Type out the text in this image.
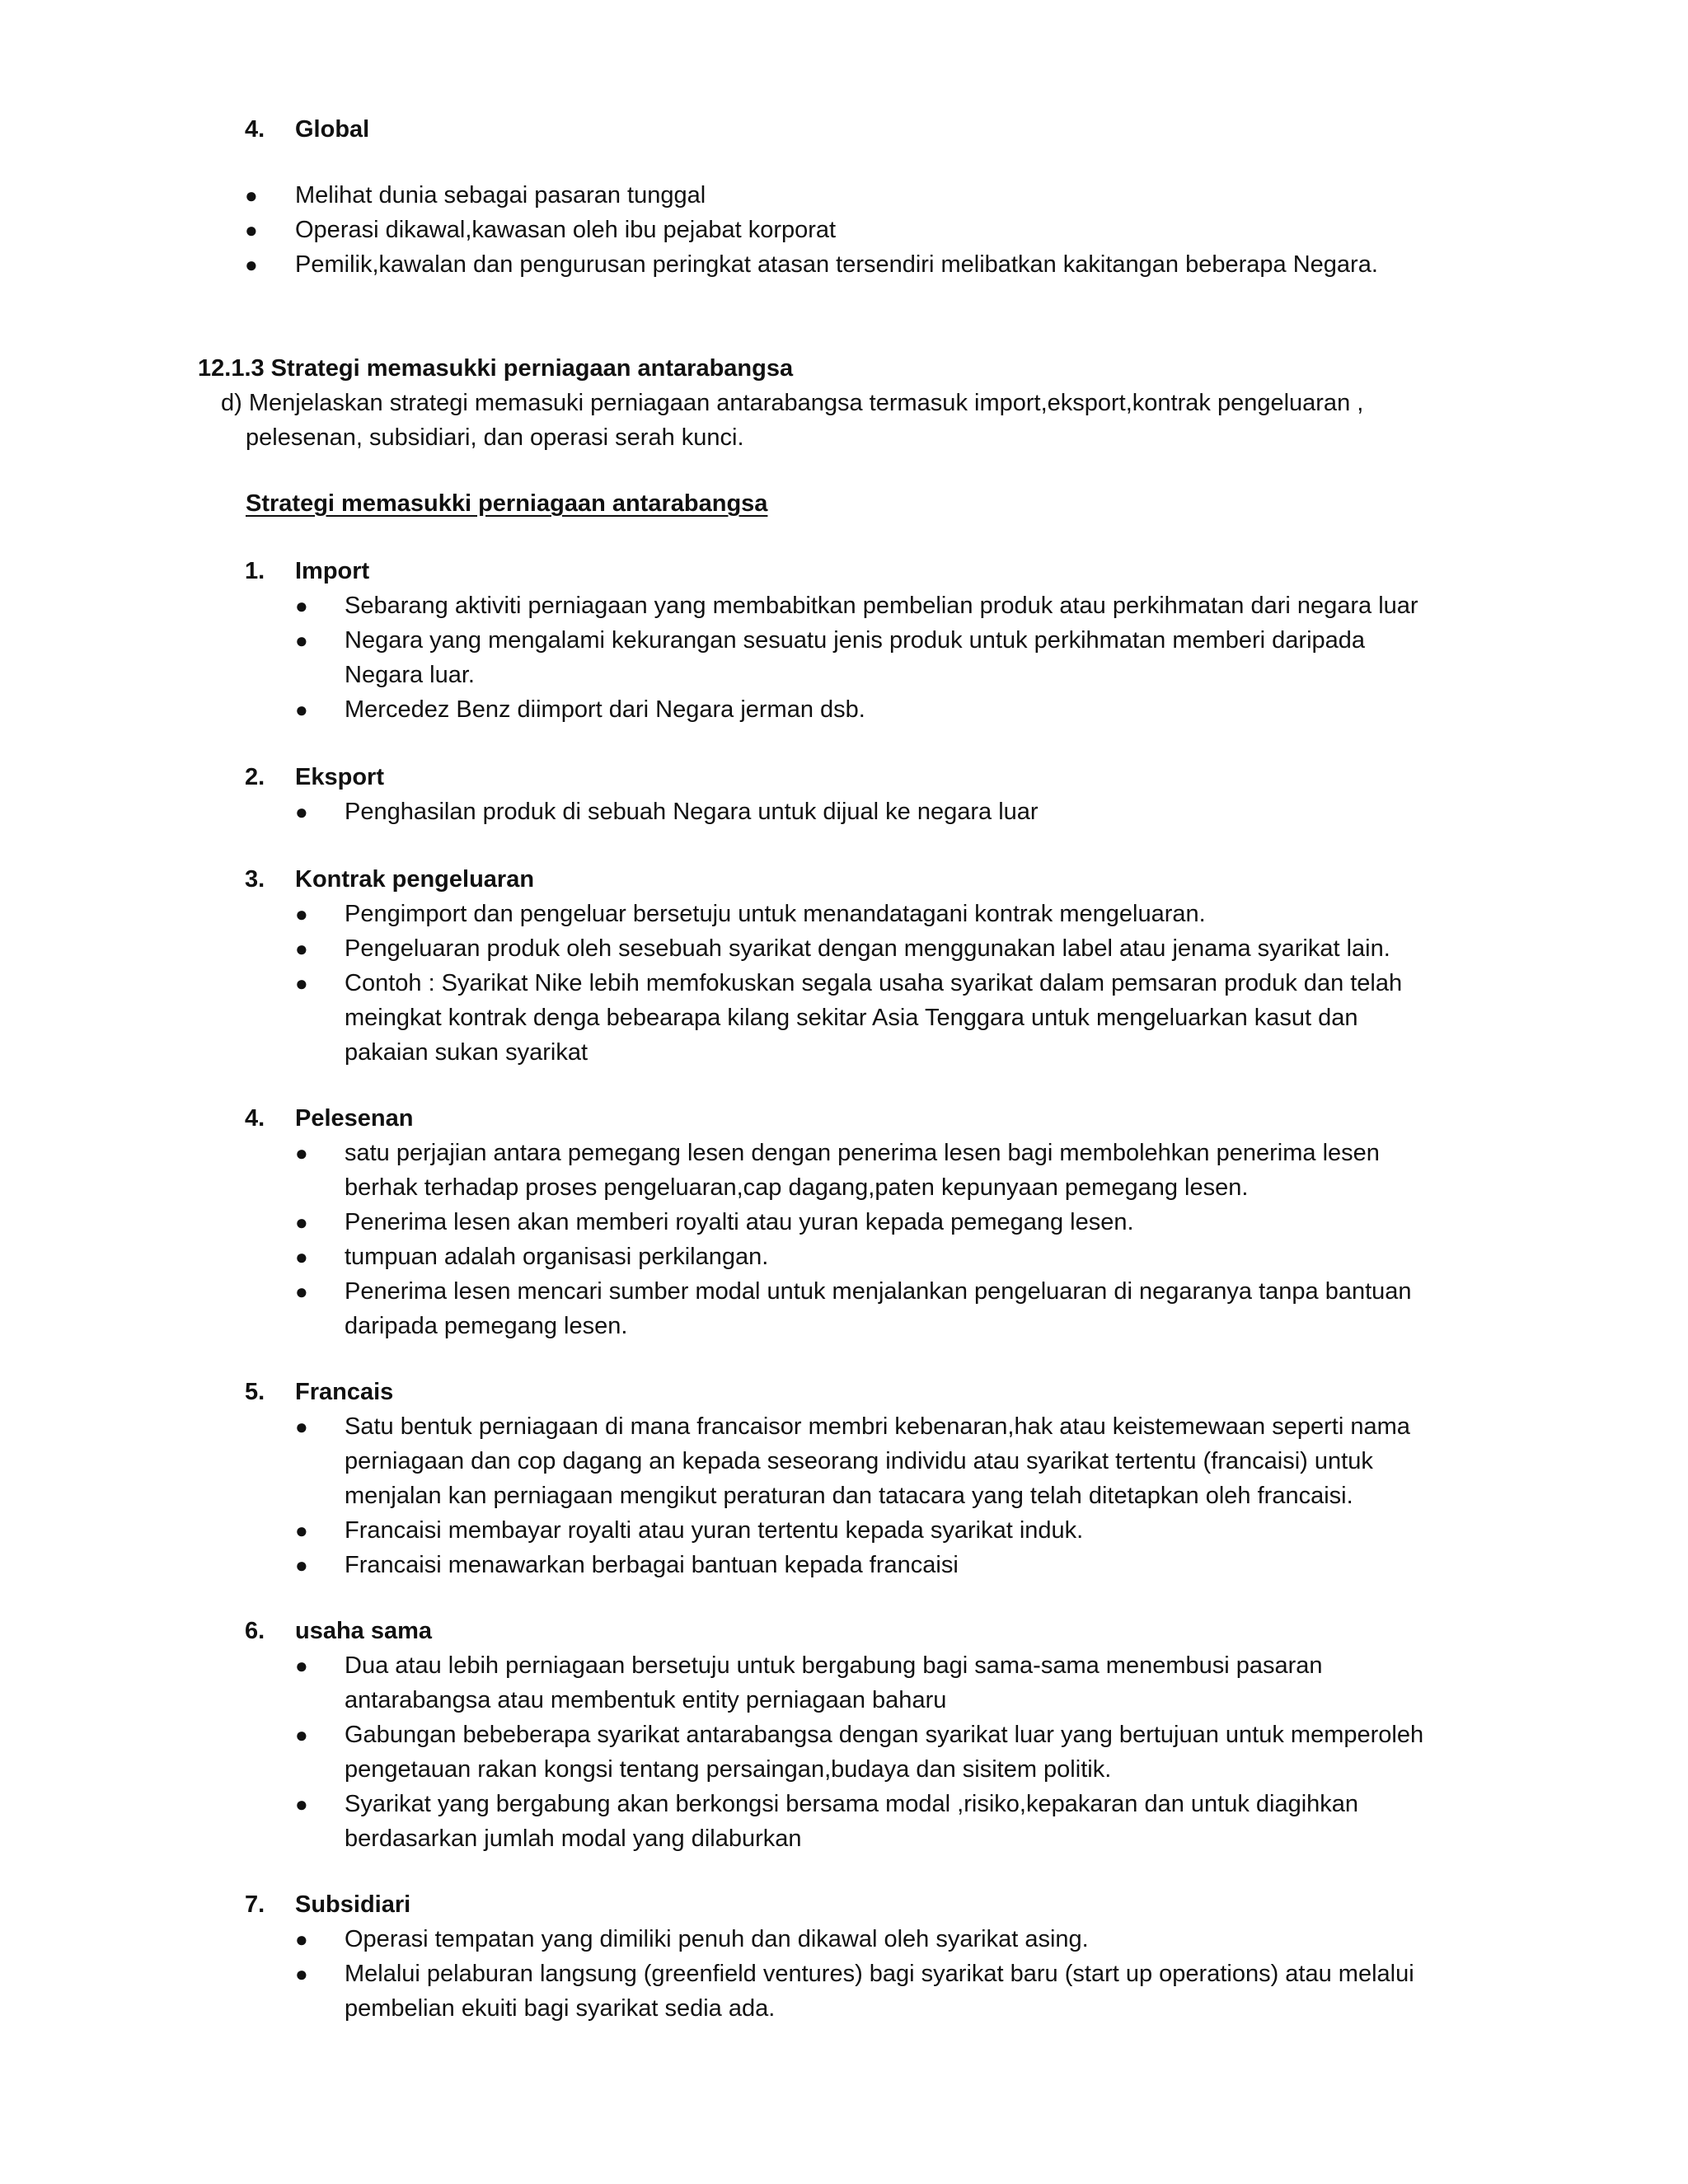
4. Global
● Melihat dunia sebagai pasaran tunggal
● Operasi dikawal,kawasan oleh ibu pejabat korporat
● Pemilik,kawalan dan pengurusan peringkat atasan tersendiri melibatkan kakitangan beberapa Negara.
12.1.3 Strategi memasukki perniagaan antarabangsa
d) Menjelaskan strategi memasuki perniagaan antarabangsa termasuk import,eksport,kontrak pengeluaran ,
pelesenan, subsidiari, dan operasi serah kunci.
Strategi memasukki perniagaan antarabangsa
1. Import
● Sebarang aktiviti perniagaan yang membabitkan pembelian produk atau perkihmatan dari negara luar
● Negara yang mengalami kekurangan sesuatu jenis produk untuk perkihmatan memberi daripada
Negara luar.
● Mercedez Benz diimport dari Negara jerman dsb.
2. Eksport
● Penghasilan produk di sebuah Negara untuk dijual ke negara luar
3. Kontrak pengeluaran
● Pengimport dan pengeluar bersetuju untuk menandatagani kontrak mengeluaran.
● Pengeluaran produk oleh sesebuah syarikat dengan menggunakan label atau jenama syarikat lain.
● Contoh : Syarikat Nike lebih memfokuskan segala usaha syarikat dalam pemsaran produk dan telah
meingkat kontrak denga bebearapa kilang sekitar Asia Tenggara untuk mengeluarkan kasut dan
pakaian sukan syarikat
4. Pelesenan
● satu perjajian antara pemegang lesen dengan penerima lesen bagi membolehkan penerima lesen
berhak terhadap proses pengeluaran,cap dagang,paten kepunyaan pemegang lesen.
● Penerima lesen akan memberi royalti atau yuran kepada pemegang lesen.
● tumpuan adalah organisasi perkilangan.
● Penerima lesen mencari sumber modal untuk menjalankan pengeluaran di negaranya tanpa bantuan
daripada pemegang lesen.
5. Francais
● Satu bentuk perniagaan di mana francaisor membri kebenaran,hak atau keistemewaan seperti nama
perniagaan dan cop dagang an kepada seseorang individu atau syarikat tertentu (francaisi) untuk
menjalan kan perniagaan mengikut peraturan dan tatacara yang telah ditetapkan oleh francaisi.
● Francaisi membayar royalti atau yuran tertentu kepada syarikat induk.
● Francaisi menawarkan berbagai bantuan kepada francaisi
6. usaha sama
● Dua atau lebih perniagaan bersetuju untuk bergabung bagi sama-sama menembusi pasaran
antarabangsa atau membentuk entity perniagaan baharu
● Gabungan bebeberapa syarikat antarabangsa dengan syarikat luar yang bertujuan untuk memperoleh
pengetauan rakan kongsi tentang persaingan,budaya dan sisitem politik.
● Syarikat yang bergabung akan berkongsi bersama modal ,risiko,kepakaran dan untuk diagihkan
berdasarkan jumlah modal yang dilaburkan
7. Subsidiari
● Operasi tempatan yang dimiliki penuh dan dikawal oleh syarikat asing.
● Melalui pelaburan langsung (greenfield ventures) bagi syarikat baru (start up operations) atau melalui
pembelian ekuiti bagi syarikat sedia ada.
